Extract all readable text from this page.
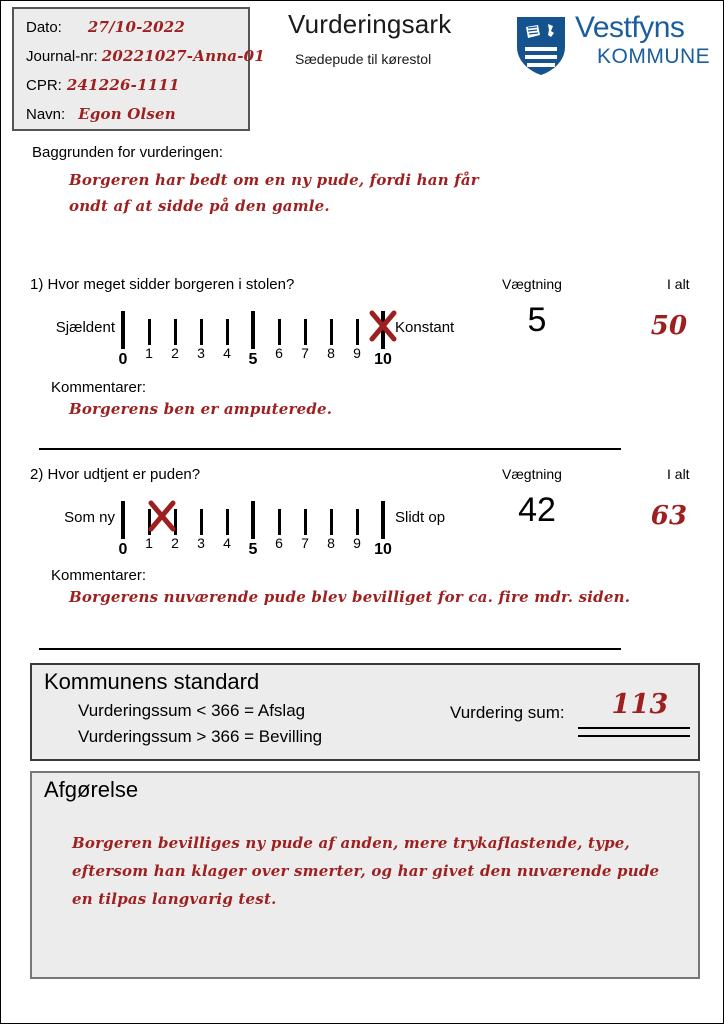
Dato: 27/10-2022
Journal-nr: 20221027-Anna-01
CPR: 241226-1111
Navn: Egon Olsen
Vurderingsark
Sædepude til kørestol
Vestfyns
KOMMUNE
Baggrunden for vurderingen:
Borgeren har bedt om en ny pude, fordi han får ondt af at sidde på den gamle.
1) Hvor meget sidder borgeren i stolen?	Vægtning	I alt
Sjældent
0	1	2	3	4	5	6	7	8	9 10
Konstant	5	50
Kommentarer:
Borgerens ben er amputerede.
2) Hvor udtjent er puden?	Vægtning	I alt
Som ny
0	1	2	3	4	5	6	7	8	9 10
Slidt op	42	63
Kommentarer:
Borgerens nuværende pude blev bevilliget for ca. fire mdr. siden.
Kommunens standard
Vurderingssum < 366 = Afslag
Vurderingssum > 366 = Bevilling
Vurdering sum:	113
Afgørelse
Borgeren bevilliges ny pude af anden, mere trykaflastende, type, eftersom han klager over smerter, og har givet den nuværende pude en tilpas langvarig test.
